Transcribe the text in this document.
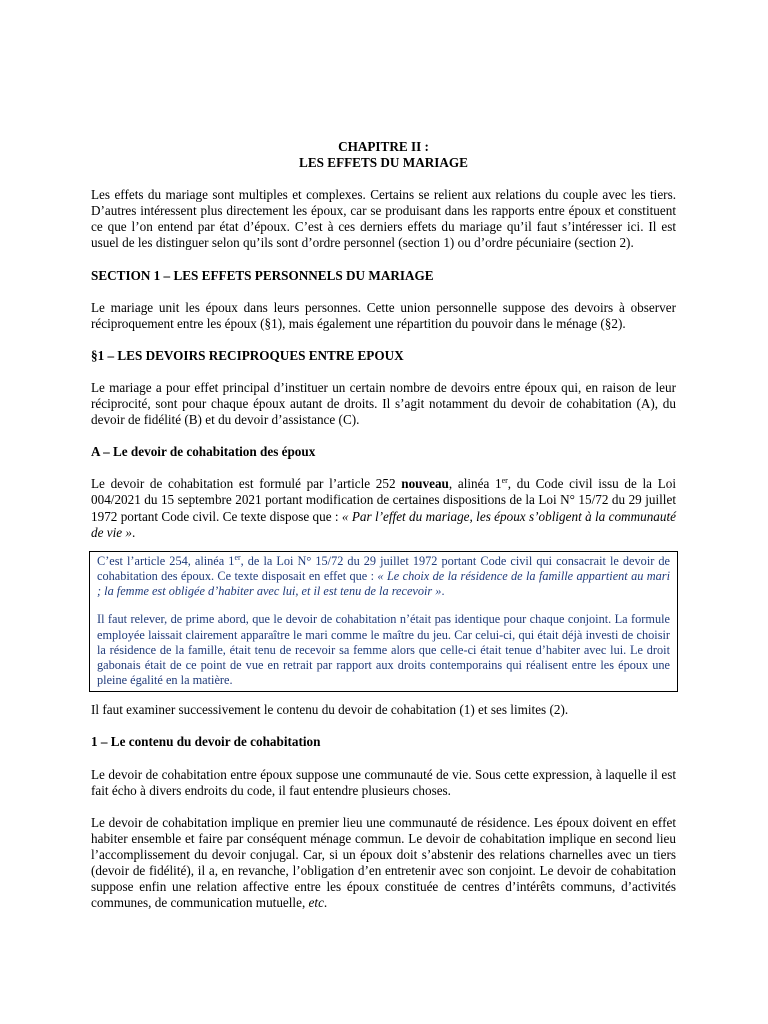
CHAPITRE II :
LES EFFETS DU MARIAGE

Les effets du mariage sont multiples et complexes. Certains se relient aux relations du couple avec les tiers. D’autres intéressent plus directement les époux, car se produisant dans les rapports entre époux et constituent ce que l’on entend par état d’époux. C’est à ces derniers effets du mariage qu’il faut s’intéresser ici. Il est usuel de les distinguer selon qu’ils sont d’ordre personnel (section 1) ou d’ordre pécuniaire (section 2).

SECTION 1 – LES EFFETS PERSONNELS DU MARIAGE

Le mariage unit les époux dans leurs personnes. Cette union personnelle suppose des devoirs à observer réciproquement entre les époux (§1), mais également une répartition du pouvoir dans le ménage (§2).

§1 – LES DEVOIRS RECIPROQUES ENTRE EPOUX

Le mariage a pour effet principal d’instituer un certain nombre de devoirs entre époux qui, en raison de leur réciprocité, sont pour chaque époux autant de droits. Il s’agit notamment du devoir de cohabitation (A), du devoir de fidélité (B) et du devoir d’assistance (C).

A – Le devoir de cohabitation des époux

Le devoir de cohabitation est formulé par l’article 252 nouveau, alinéa 1er, du Code civil issu de la Loi 004/2021 du 15 septembre 2021 portant modification de certaines dispositions de la Loi N° 15/72 du 29 juillet 1972 portant Code civil. Ce texte dispose que : « Par l’effet du mariage, les époux s’obligent à la communauté de vie ».

C’est l’article 254, alinéa 1er, de la Loi N° 15/72 du 29 juillet 1972 portant Code civil qui consacrait le devoir de cohabitation des époux. Ce texte disposait en effet que : « Le choix de la résidence de la famille appartient au mari ; la femme est obligée d’habiter avec lui, et il est tenu de la recevoir ».

Il faut relever, de prime abord, que le devoir de cohabitation n’était pas identique pour chaque conjoint. La formule employée laissait clairement apparaître le mari comme le maître du jeu. Car celui-ci, qui était déjà investi de choisir la résidence de la famille, était tenu de recevoir sa femme alors que celle-ci était tenue d’habiter avec lui. Le droit gabonais était de ce point de vue en retrait par rapport aux droits contemporains qui réalisent entre les époux une pleine égalité en la matière.

Il faut examiner successivement le contenu du devoir de cohabitation (1) et ses limites (2).

1 – Le contenu du devoir de cohabitation

Le devoir de cohabitation entre époux suppose une communauté de vie. Sous cette expression, à laquelle il est fait écho à divers endroits du code, il faut entendre plusieurs choses.

Le devoir de cohabitation implique en premier lieu une communauté de résidence. Les époux doivent en effet habiter ensemble et faire par conséquent ménage commun. Le devoir de cohabitation implique en second lieu l’accomplissement du devoir conjugal. Car, si un époux doit s’abstenir des relations charnelles avec un tiers (devoir de fidélité), il a, en revanche, l’obligation d’en entretenir avec son conjoint. Le devoir de cohabitation suppose enfin une relation affective entre les époux constituée de centres d’intérêts communs, d’activités communes, de communication mutuelle, etc.
